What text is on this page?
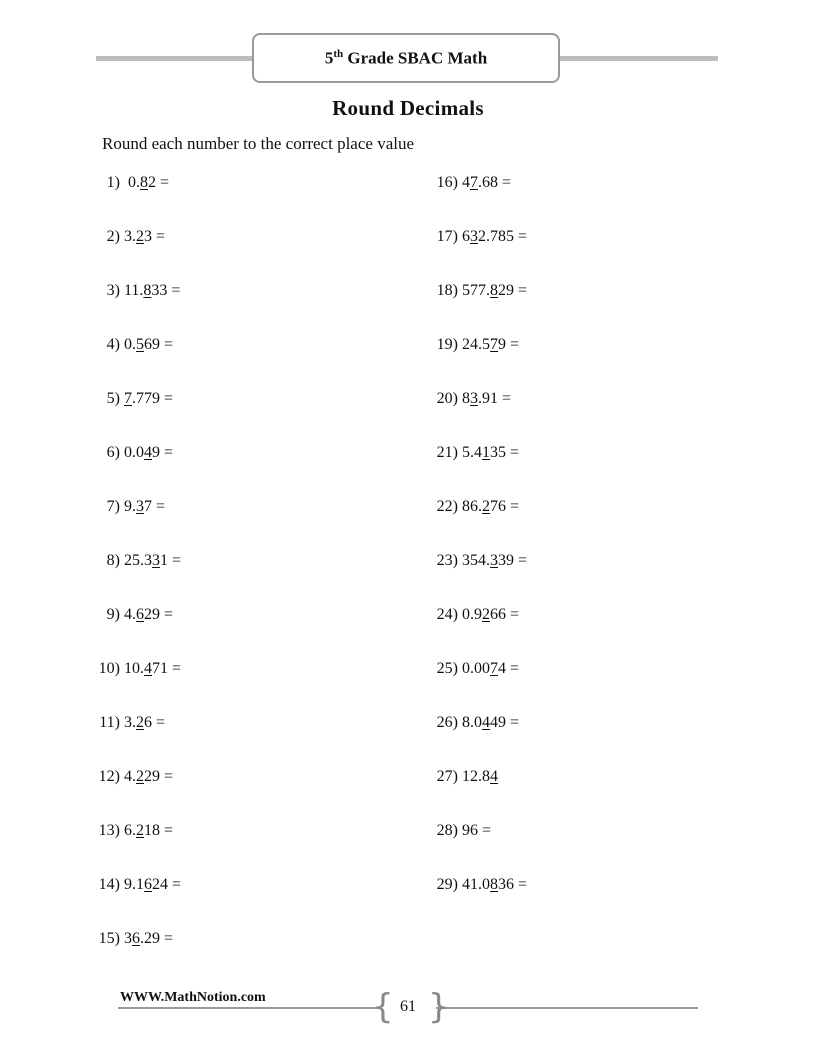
5th Grade SBAC Math
Round Decimals
Round each number to the correct place value
1) 0.82 =
2) 3.23 =
3) 11.833 =
4) 0.569 =
5) 7.779 =
6) 0.049 =
7) 9.37 =
8) 25.331 =
9) 4.629 =
10) 10.471 =
11) 3.26 =
12) 4.229 =
13) 6.218 =
14) 9.1624 =
15) 36.29 =
16) 47.68 =
17) 632.785 =
18) 577.829 =
19) 24.579 =
20) 83.91 =
21) 5.4135 =
22) 86.276 =
23) 354.339 =
24) 0.9266 =
25) 0.0074 =
26) 8.0449 =
27) 12.84
28) 96 =
29) 41.0836 =
WWW.MathNotion.com	{ }
61
